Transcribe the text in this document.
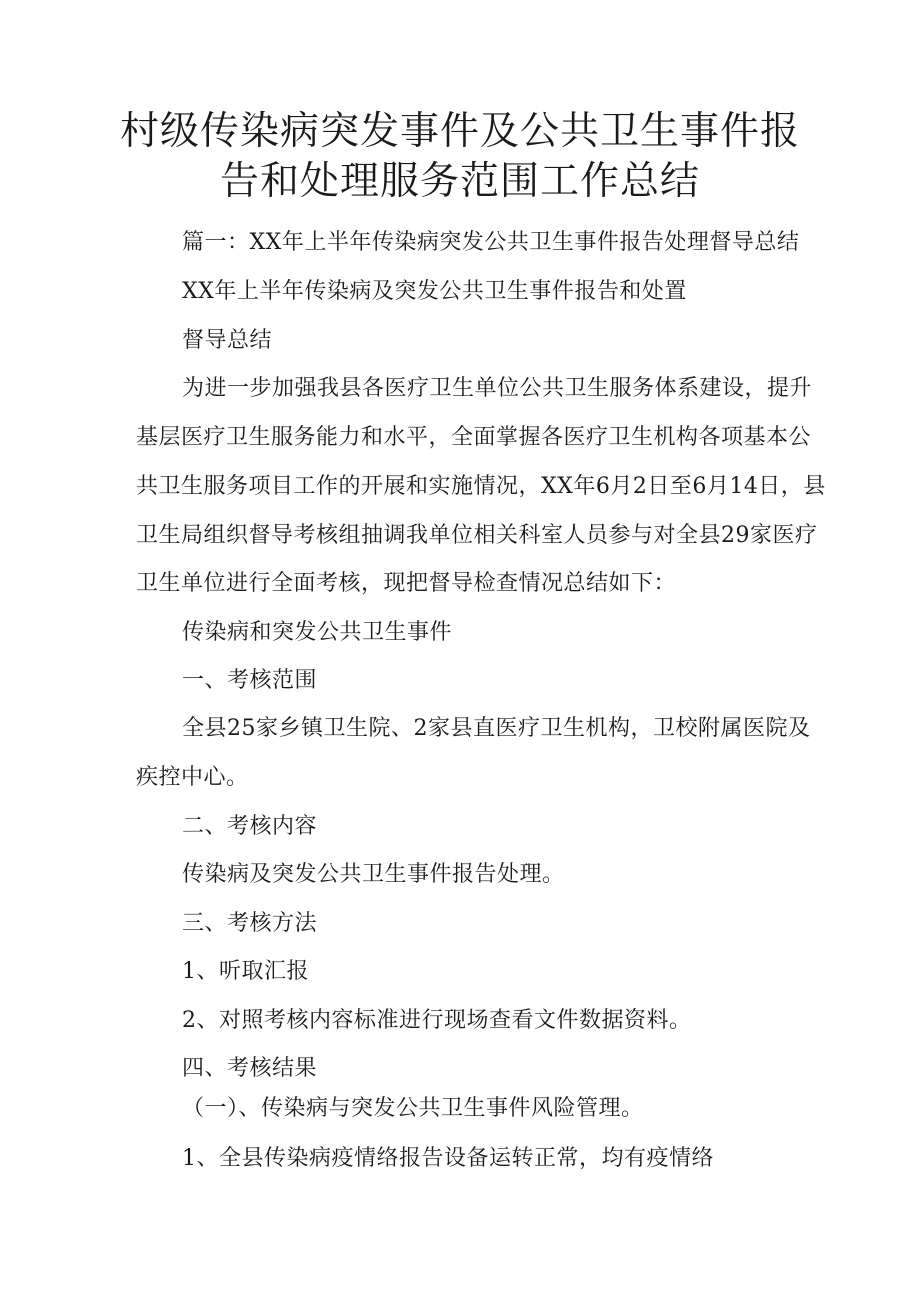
村级传染病突发事件及公共卫生事件报
告和处理服务范围工作总结
篇一：XX年上半年传染病突发公共卫生事件报告处理督导总结
XX年上半年传染病及突发公共卫生事件报告和处置
督导总结
为进一步加强我县各医疗卫生单位公共卫生服务体系建设，提升
基层医疗卫生服务能力和水平，全面掌握各医疗卫生机构各项基本公
共卫生服务项目工作的开展和实施情况，XX年6月2日至6月14日，县
卫生局组织督导考核组抽调我单位相关科室人员参与对全县29家医疗
卫生单位进行全面考核，现把督导检查情况总结如下：
传染病和突发公共卫生事件
一、考核范围
全县25家乡镇卫生院、2家县直医疗卫生机构，卫校附属医院及
疾控中心。
二、考核内容
传染病及突发公共卫生事件报告处理。
三、考核方法
1、听取汇报
2、对照考核内容标准进行现场查看文件数据资料。
四、考核结果
（一）、传染病与突发公共卫生事件风险管理。
1、全县传染病疫情络报告设备运转正常，均有疫情络
